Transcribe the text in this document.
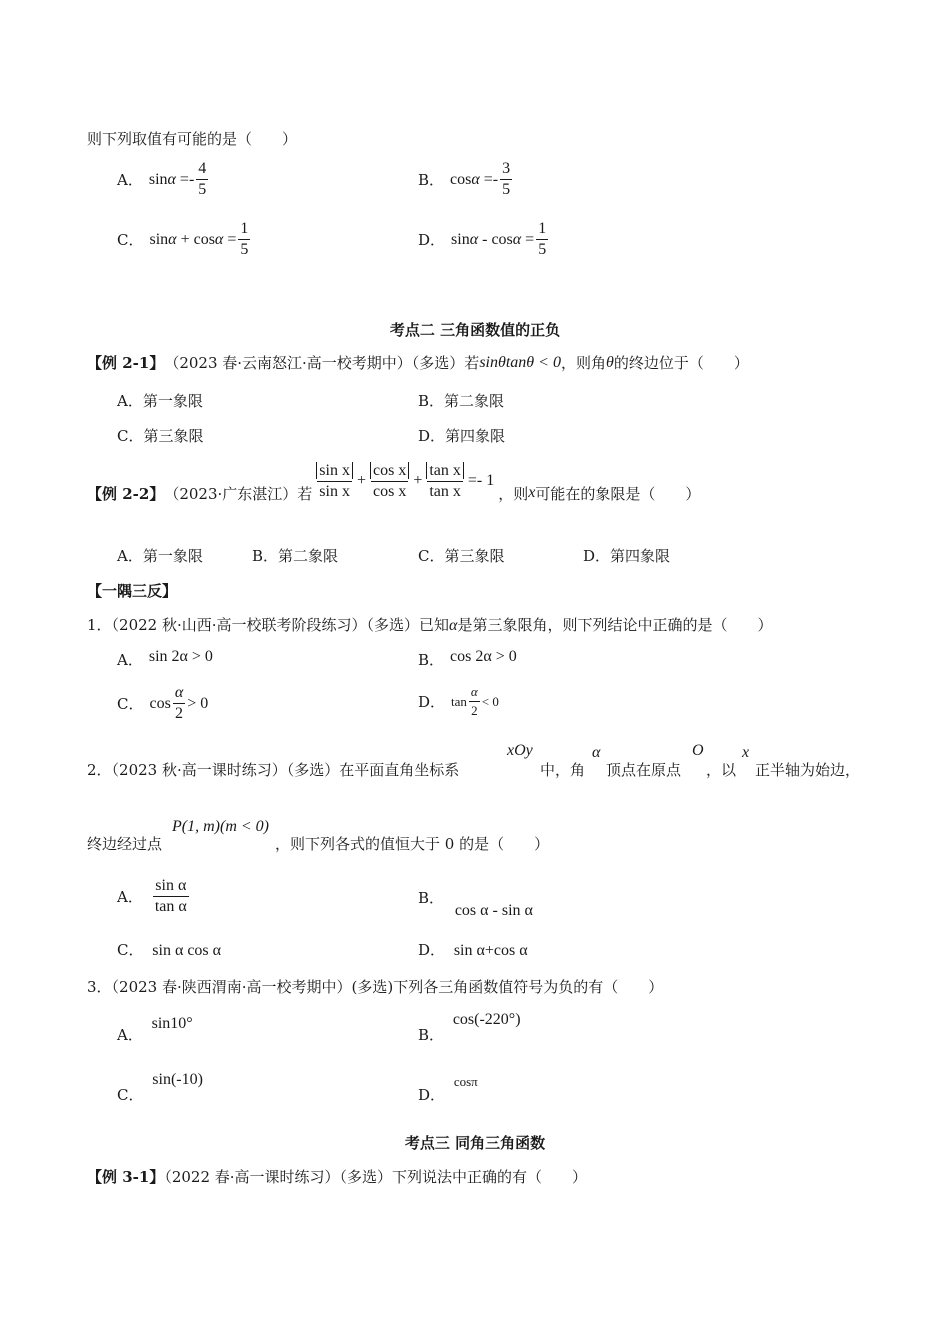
则下列取值有可能的是（　　）
A． $\sin\alpha =- \frac{4}{5}$	B． $\cos\alpha =- \frac{3}{5}$
C． $\sin\alpha + \cos\alpha = \frac{1}{5}$	D． $\sin\alpha - \cos\alpha = \frac{1}{5}$
考点二 三角函数值的正负
【例 2-1】 （2023 春·云南怒江·高一校考期中）（多选）若 sinθtanθ < 0 ，则角 θ 的终边位于（　　）
A．第一象限	B．第二象限
C．第三象限	D．第四象限
【例 2-2】 （2023·广东湛江）若 $\frac{\text{sin x}}{\text{sin x}} + \frac{\text{cos x}}{\text{cos x}} + \frac{\text{tan x}}{\text{tan x}} =- 1$
，则 x 可能在的象限是（　　）
A．第一象限	B．第二象限	C．第三象限	D．第四象限
【一隅三反】
1．（2022 秋·山西·高一校联考阶段练习）（多选）已知α是第三象限角，则下列结论中正确的是（　　）
A． sin 2α > 0	B． cos 2α > 0
C． $\cos \frac{\alpha}{2} > 0$	D． $\tan \frac{\alpha}{2} < 0$
2．（2023 秋·高一课时练习）（多选）在平面直角坐标系
xOy
中，角
α
顶点在原点
O
，以
x
正半轴为始边，
终边经过点
P(1, m)(m < 0)
，则下列各式的值恒大于 0 的是（　　）
A． $\frac{\text{sin α}}{\text{tan α}}$	B． cos α - sin α
C． sin α cos α	D． sin α+cos α
3．（2023 春·陕西渭南·高一校考期中）(多选)下列各三角函数值符号为负的有（　　）
A． sin10°
B． cos(-220°)
C． sin(-10)
D． cosπ
考点三 同角三角函数
【例 3-1】（2022 春·高一课时练习）（多选）下列说法中正确的有（　　）
